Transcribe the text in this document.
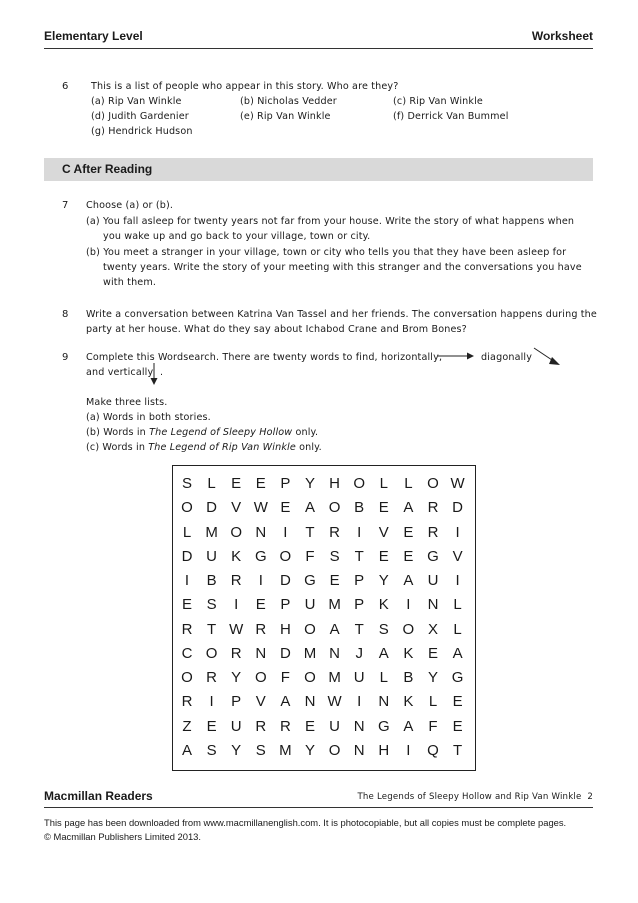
Elementary Level	Worksheet
6 This is a list of people who appear in this story. Who are they?
(a) Rip Van Winkle	(b) Nicholas Vedder	(c) Rip Van Winkle
(d) Judith Gardenier	(e) Rip Van Winkle	(f) Derrick Van Bummel
(g) Hendrick Hudson
C After Reading
7 Choose (a) or (b).
(a) You fall asleep for twenty years not far from your house. Write the story of what happens when
you wake up and go back to your village, town or city.
(b) You meet a stranger in your village, town or city who tells you that they have been asleep for
twenty years. Write the story of your meeting with this stranger and the conversations you have
with them.
8 Write a conversation between Katrina Van Tassel and her friends. The conversation happens during the
party at her house. What do they say about Ichabod Crane and Brom Bones?
9 Complete this Wordsearch. There are twenty words to find, horizontally,	diagonally
and vertically .
Make three lists.
(a) Words in both stories.
(b) Words in The Legend of Sleepy Hollow only.
(c) Words in The Legend of Rip Van Winkle only.
S	L	E E P Y H O L	L O W
O D V W E A O B E A R D
L M O N	I	T R	I	V E R	I
D U K G O F	S	T	E E G V
I	B R	I	D G E P Y A U	I
E S	I	E P U M P K	I	N	L
R T W R H O A	T	S O X	L
C O R N D M N	J	A K E A
O R Y O F O M U	L	B Y G
R	I	P V A N W	I	N K	L	E
Z	E U R R E U N G A	F	E
A S Y S M Y O N H	I	Q T
Macmillan Readers	The Legends of Sleepy Hollow and Rip Van Winkle 2
This page has been downloaded from www.macmillanenglish.com. It is photocopiable, but all copies must be complete pages.
© Macmillan Publishers Limited 2013.
